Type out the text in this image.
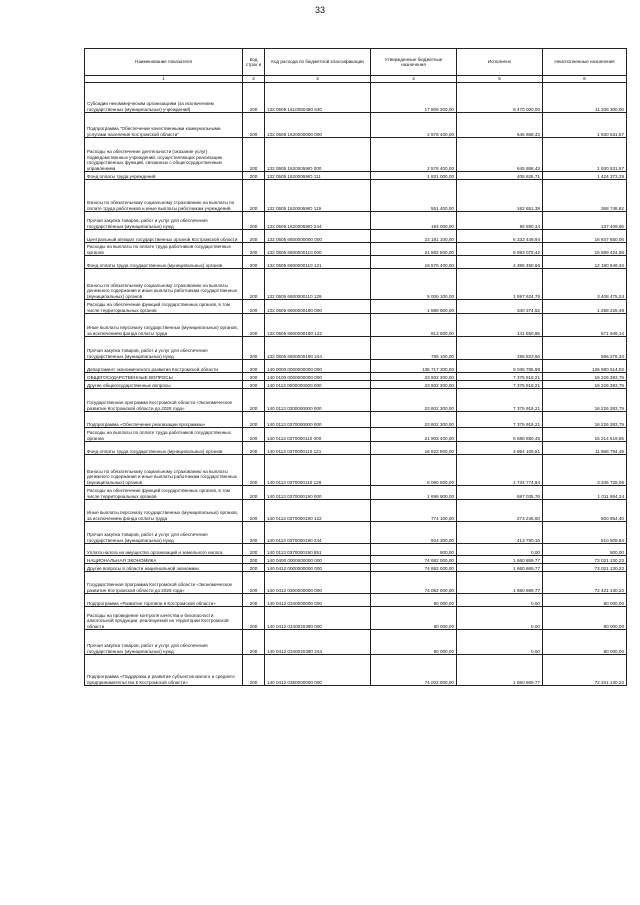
33
Наименование показателя	Код строк и	Код расхода по бюджетной классификации	Утвержденные бюджетные назначения	Исполнено	Неисполненные назначения
1	2	3	4	5	6
Субсидии некоммерческим организациям (за исключением государственных (муниципальных) учреждений)	200	132 0505 1610080480 630	17 806 300,00	6 470 000,00	11 336 300,00
Подпрограмма "Обеспечение качественными коммунальными услугами населения Костромской области"	200	132 0505 1620000000 000	2 576 400,00	645 868,43	1 930 531,57
Расходы на обеспечение деятельности (оказание услуг) подведомственных учреждений, осуществляющих реализацию государственных функций, связанных с общегосударственным управлением	200	132 0505 16200059Ю 000	2 576 400,00	645 868,43	1 930 531,57
Фонд оплаты труда учреждений	200	132 0505 16200059Ю 111	1 831 000,00	406 626,71	1 424 373,29
Взносы по обязательному социальному страхованию на выплаты по оплате труда работников и иные выплаты работникам учреждений	200	132 0505 16200059Ю 119	551 400,00	182 651,38	368 748,62
Прочая закупка товаров, работ и услуг для обеспечения государственных (муниципальных) нужд	200	132 0505 16200059Ю 244	194 000,00	56 590,34	137 409,66
Центральный аппарат государственных органов Костромской области	200	132 0505 6600000000 000	23 181 100,00	6 333 449,94	16 847 650,06
Расходы на выплаты по оплате труда работников государственных органов	200	132 0505 6600000110 000	21 582 500,00	5 993 075,42	15 589 424,58
Фонд оплаты труда государственных (муниципальных) органов	200	132 0505 6600000110 121	16 576 400,00	4 395 450,66	12 180 949,34
Взносы по обязательному социальному страхованию на выплаты денежного содержания и иные выплаты работникам государственных (муниципальных) органов	200	132 0505 6600000110 129	5 006 100,00	1 597 624,76	3 408 475,24
Расходы на обеспечение функций государственных органов, в том числе территориальных органов	200	132 0505 6600000190 000	1 598 600,00	340 374,52	1 258 225,48
Иные выплаты персоналу государственных (муниципальных) органов, за исключением фонда оплаты труда	200	132 0505 6600000190 122	813 500,00	141 550,86	671 949,14
Прочая закупка товаров, работ и услуг для обеспечения государственных (муниципальных) нужд	200	132 0505 6600000190 244	785 100,00	198 823,66	586 276,34
Департамент экономического развития Костромской области	200	140 0000 0000000000 000	135 717 300,00	9 036 785,98	126 680 514,02
ОБЩЕГОСУДАРСТВЕННЫЕ ВОПРОСЫ	200	140 0100 0000000000 000	23 602 300,00	7 375 916,21	16 226 383,79
Другие общегосударственные вопросы	200	140 0113 0000000000 000	23 602 300,00	7 375 916,21	16 226 383,79
Государственная программа Костромской области «Экономическое развитие Костромской области до 2025 года»	200	140 0113 0300000000 000	23 602 300,00	7 375 916,21	16 226 383,79
Подпрограмма «Обеспечение реализации программы»	200	140 0113 0370000000 000	23 602 300,00	7 375 916,21	16 226 383,79
Расходы на выплаты по оплате труда работников государственных органов	200	140 0113 0370000110 000	21 903 400,00	6 688 880,45	15 214 519,55
Фонд оплаты труда государственных (муниципальных) органов	200	140 0113 0370000110 121	16 822 900,00	4 954 105,51	11 868 794,49
Взносы по обязательному социальному страхованию на выплаты денежного содержания и иные выплаты работникам государственных (муниципальных) органов	200	140 0113 0370000110 129	5 080 500,00	1 734 774,94	3 345 725,06
Расходы на обеспечение функций государственных органов, в том числе территориальных органов	200	140 0113 0370000190 000	1 698 900,00	687 035,76	1 011 864,24
Иные выплаты персоналу государственных (муниципальных) органов, за исключением фонда оплаты труда	200	140 0113 0370000190 122	774 100,00	273 245,60	500 854,40
Прочая закупка товаров, работ и услуг для обеспечения государственных (муниципальных) нужд	200	140 0113 0370000190 244	924 300,00	413 790,16	510 509,84
Уплата налога на имущество организаций и земельного налога	200	140 0113 0370000190 851	500,00	0,00	500,00
НАЦИОНАЛЬНАЯ ЭКОНОМИКА	200	140 0400 0000000000 000	74 682 000,00	1 660 869,77	73 021 130,23
Другие вопросы в области национальной экономики	200	140 0412 0000000000 000	74 682 000,00	1 660 869,77	73 021 130,23
Государственная программа Костромской области «Экономическое развитие Костромской области до 2025 года»	200	140 0412 0300000000 000	74 082 000,00	1 660 869,77	72 421 130,23
Подпрограмма «Развитие торговли в Костромской области»	200	140 0412 0340000000 000	80 000,00	0,00	80 000,00
Расходы на проведение контроля качества и безопасности алкогольной продукции, реализуемой на территории Костромской области	200	140 0412 0340020390 000	80 000,00	0,00	80 000,00
Прочая закупка товаров, работ и услуг для обеспечения государственных (муниципальных) нужд	200	140 0412 0340020390 244	80 000,00	0,00	80 000,00
Подпрограмма «Поддержка и развитие субъектов малого и среднего предпринимательства в Костромской области»	200	140 0412 0360000000 000	74 002 000,00	1 660 869,77	72 341 130,23
